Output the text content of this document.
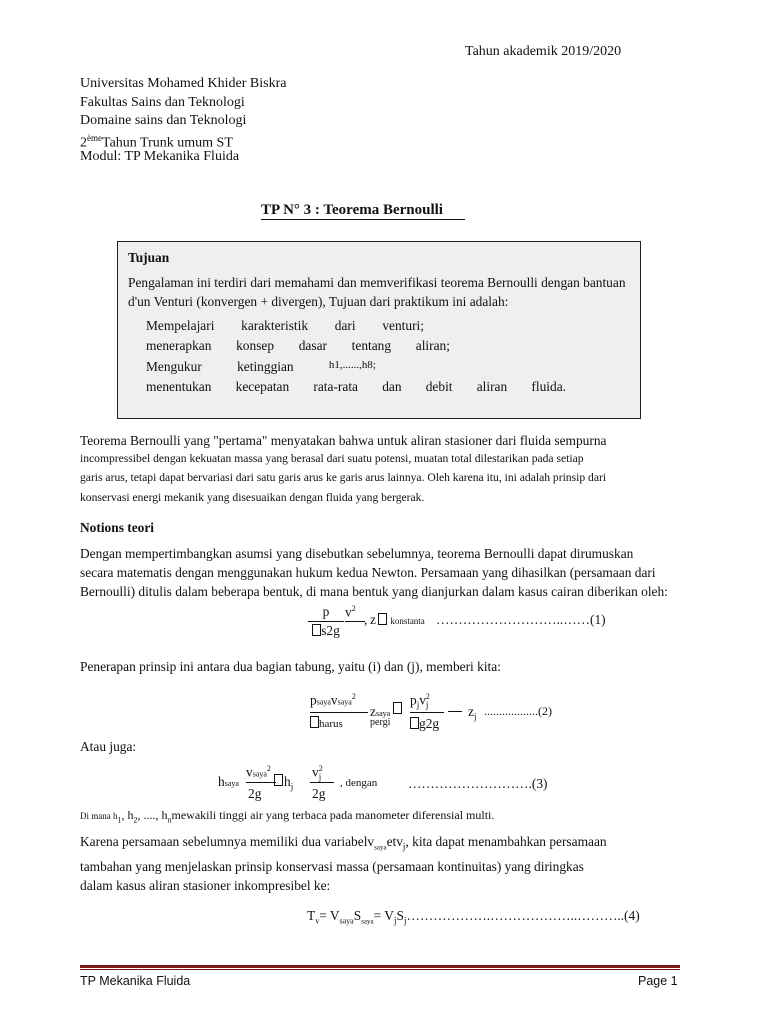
Tahun akademik 2019/2020
Universitas Mohamed Khider Biskra
Fakultas Sains dan Teknologi
Domaine sains dan Teknologi
2èmeTahun Trunk umum ST
Modul: TP Mekanika Fluida
TP N° 3 : Teorema Bernoulli
Tujuan
Pengalaman ini terdiri dari memahami dan memverifikasi teorema Bernoulli dengan bantuan
d'un Venturi (konvergen + divergen), Tujuan dari praktikum ini adalah:
Mempelajari karakteristik dari venturi;
menerapkan konsep dasar tentang aliran;
Mengukur	ketinggian	h1,......,h8;
menentukan kecepatan rata-rata dan debit aliran fluida.
Teorema Bernoulli yang "pertama" menyatakan bahwa untuk aliran stasioner dari fluida sempurna
incompressibel dengan kekuatan massa yang berasal dari suatu potensi, muatan total dilestarikan pada setiap
garis arus, tetapi dapat bervariasi dari satu garis arus ke garis arus lainnya. Oleh karena itu, ini adalah prinsip dari
konservasi energi mekanik yang disesuaikan dengan fluida yang bergerak.
Notions teori
Dengan mempertimbangkan asumsi yang disebutkan sebelumnya, teorema Bernoulli dapat dirumuskan
secara matematis dengan menggunakan hukum kedua Newton. Persamaan yang dihasilkan (persamaan dari
Bernoulli) ditulis dalam beberapa bentuk, di mana bentuk yang dianjurkan dalam kasus cairan diberikan oleh:
p
s2g
$v^2$
, z konstanta ………………………..……(1)
Penerapan prinsip ini antara dua bagian tabung, yaitu (i) dan (j), memberi kita:
psayavsaya$^2$
harus
zsaya
pergi
$p_jv^2_j$
g2g
$z_j$ ..................(2)
Atau juga:
hsaya
vsaya$^2$
2g
$h_j$
$v^2_j$
2g
, dengan ……………………….(3)
Di mana $h_1$, $h_2$, ...., $h_nmewakili$ tinggi air yang terbaca pada manometer diferensial multi.
Karena persamaan sebelumnya memiliki dua variabelv$_{saya}$etv$_j$, kita dapat menambahkan persamaan
tambahan yang menjelaskan prinsip konservasi massa (persamaan kontinuitas) yang diringkas
dalam kasus aliran stasioner inkompresibel ke:
$T_v= V_{saya}S_{saya}=$ $V_jS_j\dots\dots\dots\dots\dots\dots.\dots\dots\dots\dots\dots\dots..\dots\dots\dots..(4)$
TP Mekanika Fluida	Page 1
